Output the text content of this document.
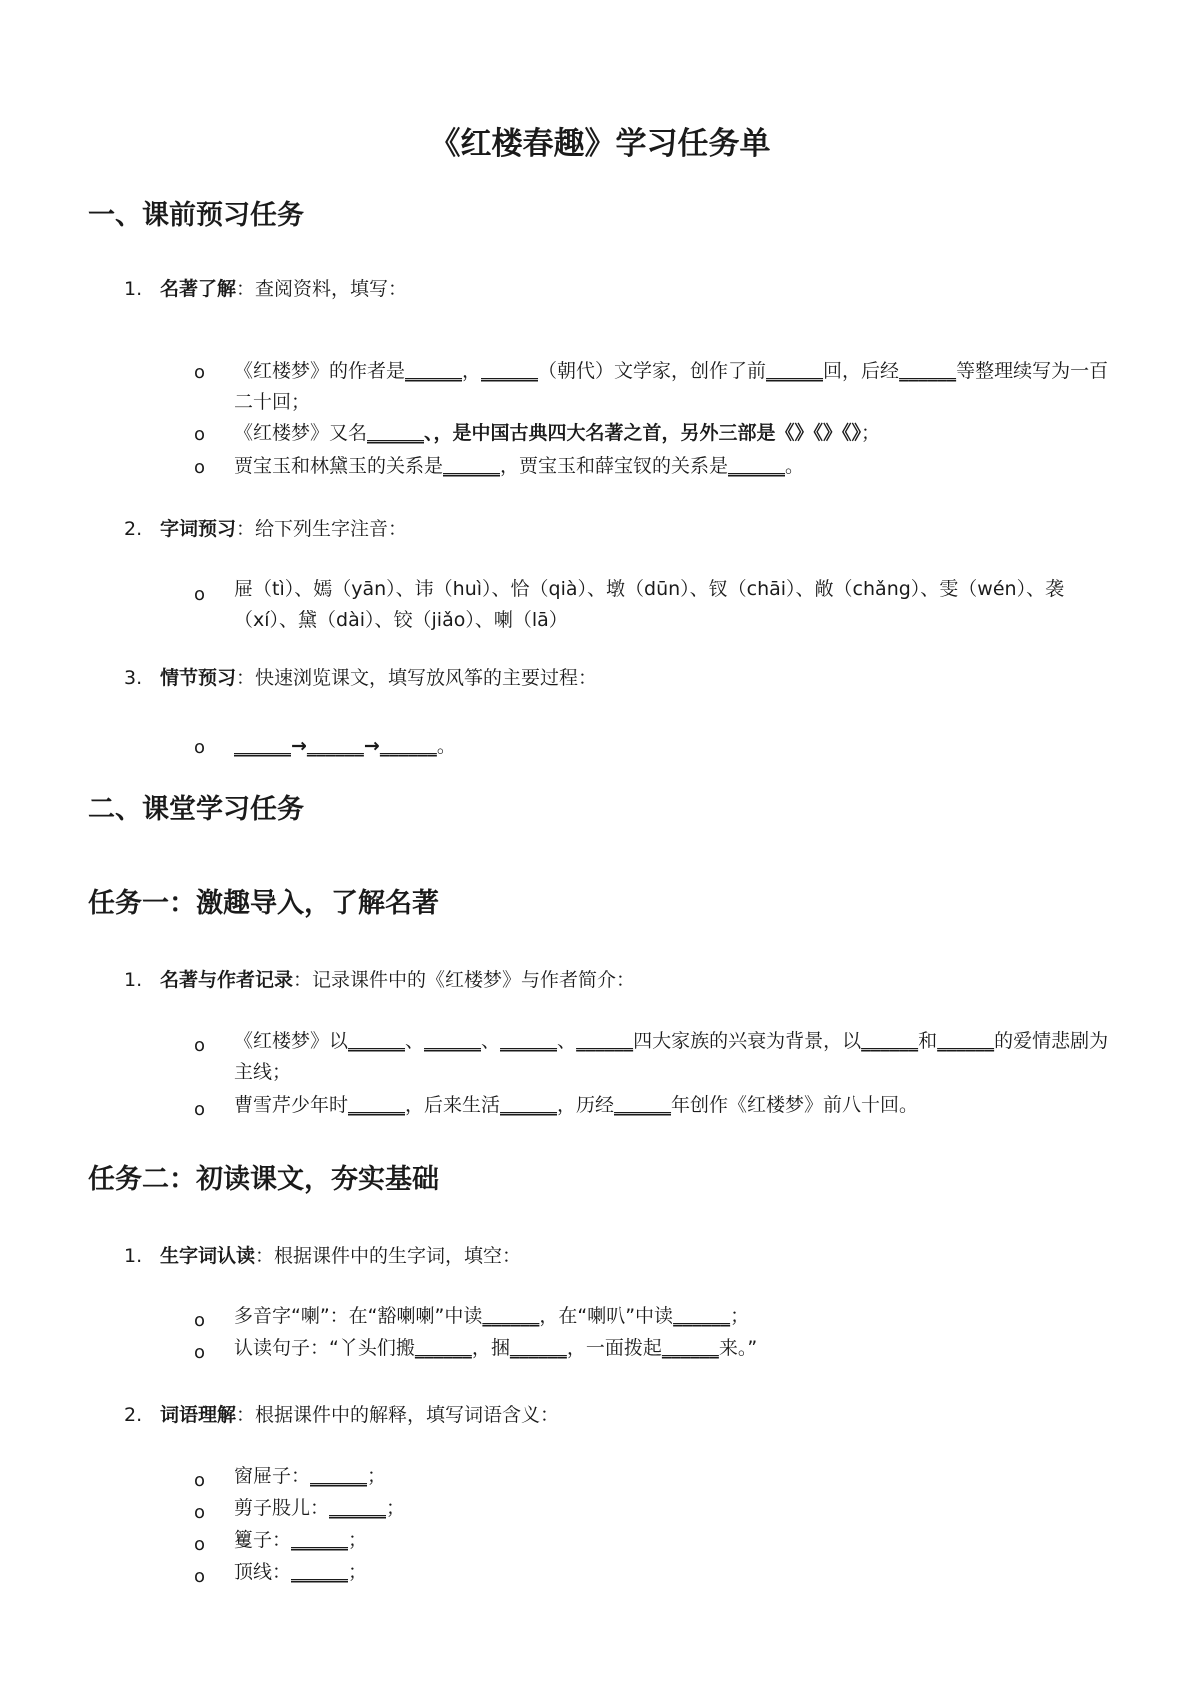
《红楼春趣》学习任务单
一、课前预习任务
1. 名著了解：查阅资料，填写：
o 《红楼梦》的作者是______，______（朝代）文学家，创作了前______回，后经______等整理续写为一百二十回；
o 《红楼梦》又名______、，是中国古典四大名著之首，另外三部是《》《》《》；
o 贾宝玉和林黛玉的关系是______，贾宝玉和薛宝钗的关系是______。
2. 字词预习：给下列生字注音：
o 屉（tì）、嫣（yān）、讳（huì）、恰（qià）、墩（dūn）、钗（chāi）、敞（chǎng）、雯（wén）、袭（xí）、黛（dài）、铰（jiǎo）、喇（lā）
3. 情节预习：快速浏览课文，填写放风筝的主要过程：
o ______→______→______。
二、课堂学习任务
任务一：激趣导入，了解名著
1. 名著与作者记录：记录课件中的《红楼梦》与作者简介：
o 《红楼梦》以______、______、______、______四大家族的兴衰为背景，以______和______的爱情悲剧为主线；
o 曹雪芹少年时______，后来生活______，历经______年创作《红楼梦》前八十回。
任务二：初读课文，夯实基础
1. 生字词认读：根据课件中的生字词，填空：
o 多音字“喇”：在“豁喇喇”中读______，在“喇叭”中读______；
o 认读句子：“丫头们搬______，捆______，一面拨起______来。”
2. 词语理解：根据课件中的解释，填写词语含义：
o 窗屉子：______；
o 剪子股儿：______；
o 籰子：______；
o 顶线：______；
